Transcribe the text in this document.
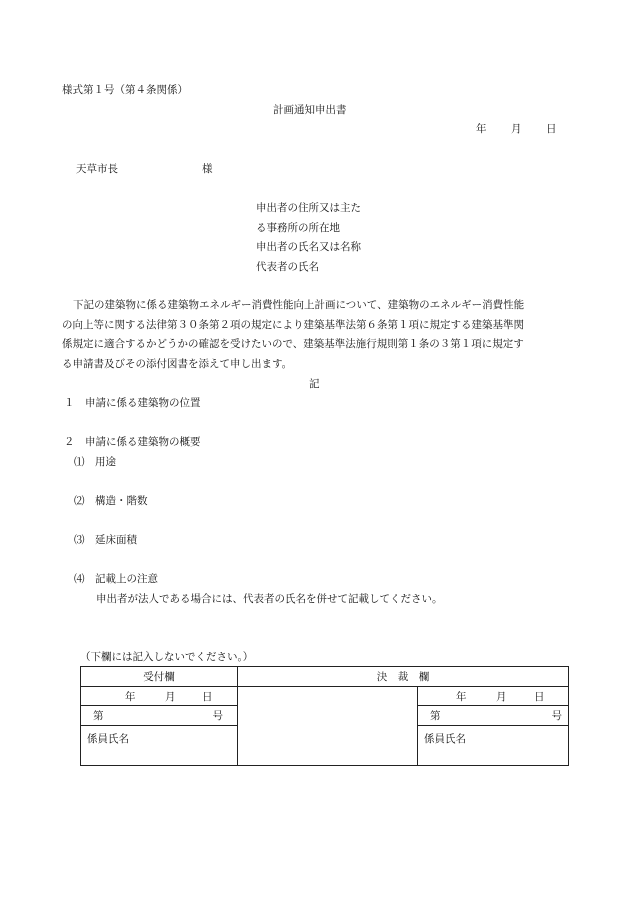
様式第１号（第４条関係）
計画通知申出書
年 月 日
天草市長	様
申出者の住所又は主た
る事務所の所在地
申出者の氏名又は名称
代表者の氏名
下記の建築物に係る建築物エネルギー消費性能向上計画について、建築物のエネルギー消費性能
の向上等に関する法律第３０条第２項の規定により建築基準法第６条第１項に規定する建築基準関
係規定に適合するかどうかの確認を受けたいので、建築基準法施行規則第１条の３第１項に規定す
る申請書及びその添付図書を添えて申し出ます。
記
１　申請に係る建築物の位置
２　申請に係る建築物の概要
⑴　用途
⑵　構造・階数
⑶　延床面積
⑷　記載上の注意
申出者が法人である場合には、代表者の氏名を併せて記載してください。
（下欄には記入しないでください。）
受付欄	決　裁　欄	

年 月 日		年 月 日

第 号		第 号

係員氏名		係員氏名
